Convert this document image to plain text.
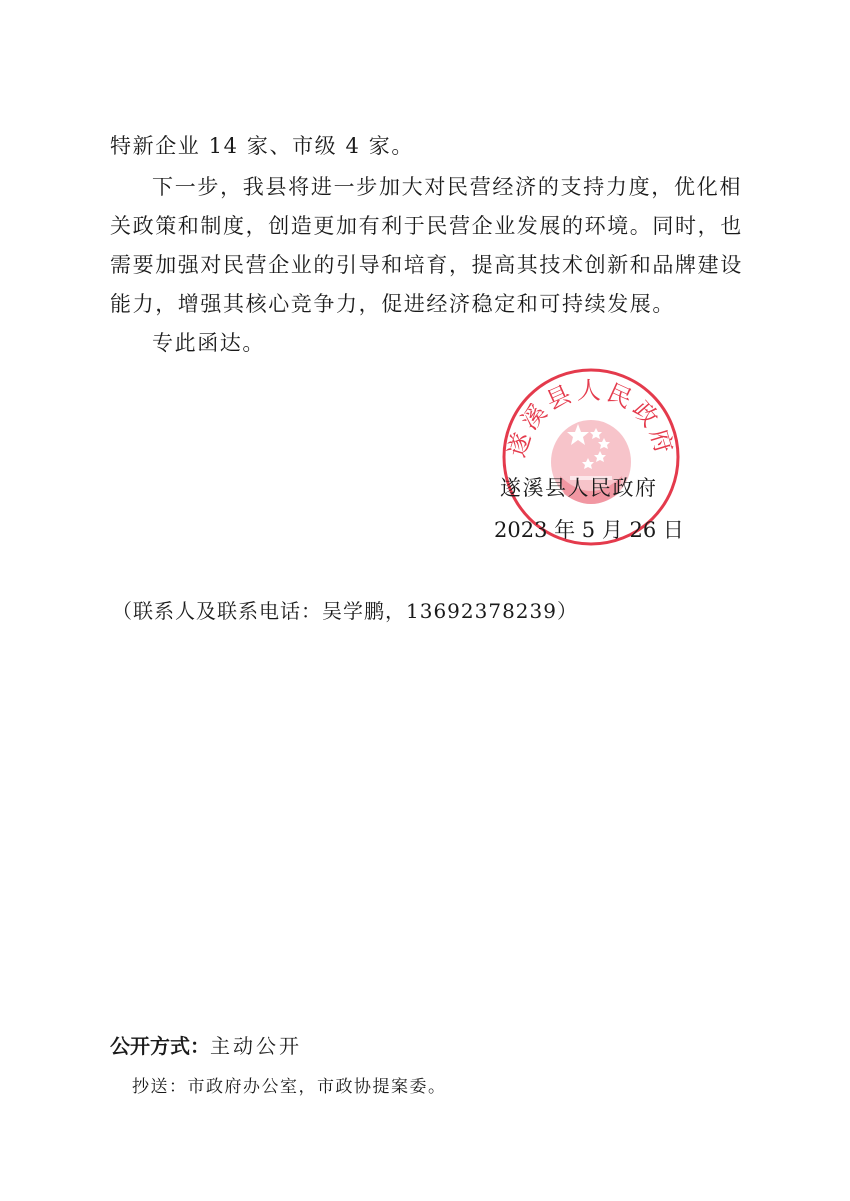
特新企业 14 家、市级 4 家。
下一步，我县将进一步加大对民营经济的支持力度，优化相
关政策和制度，创造更加有利于民营企业发展的环境。同时，也
需要加强对民营企业的引导和培育，提高其技术创新和品牌建设
能力，增强其核心竞争力，促进经济稳定和可持续发展。
专此函达。
遂溪县人民政府
遂溪县人民政府
2023 年 5 月 26 日
（联系人及联系电话：吴学鹏，13692378239）
公开方式：主动公开
抄送：市政府办公室，市政协提案委。
